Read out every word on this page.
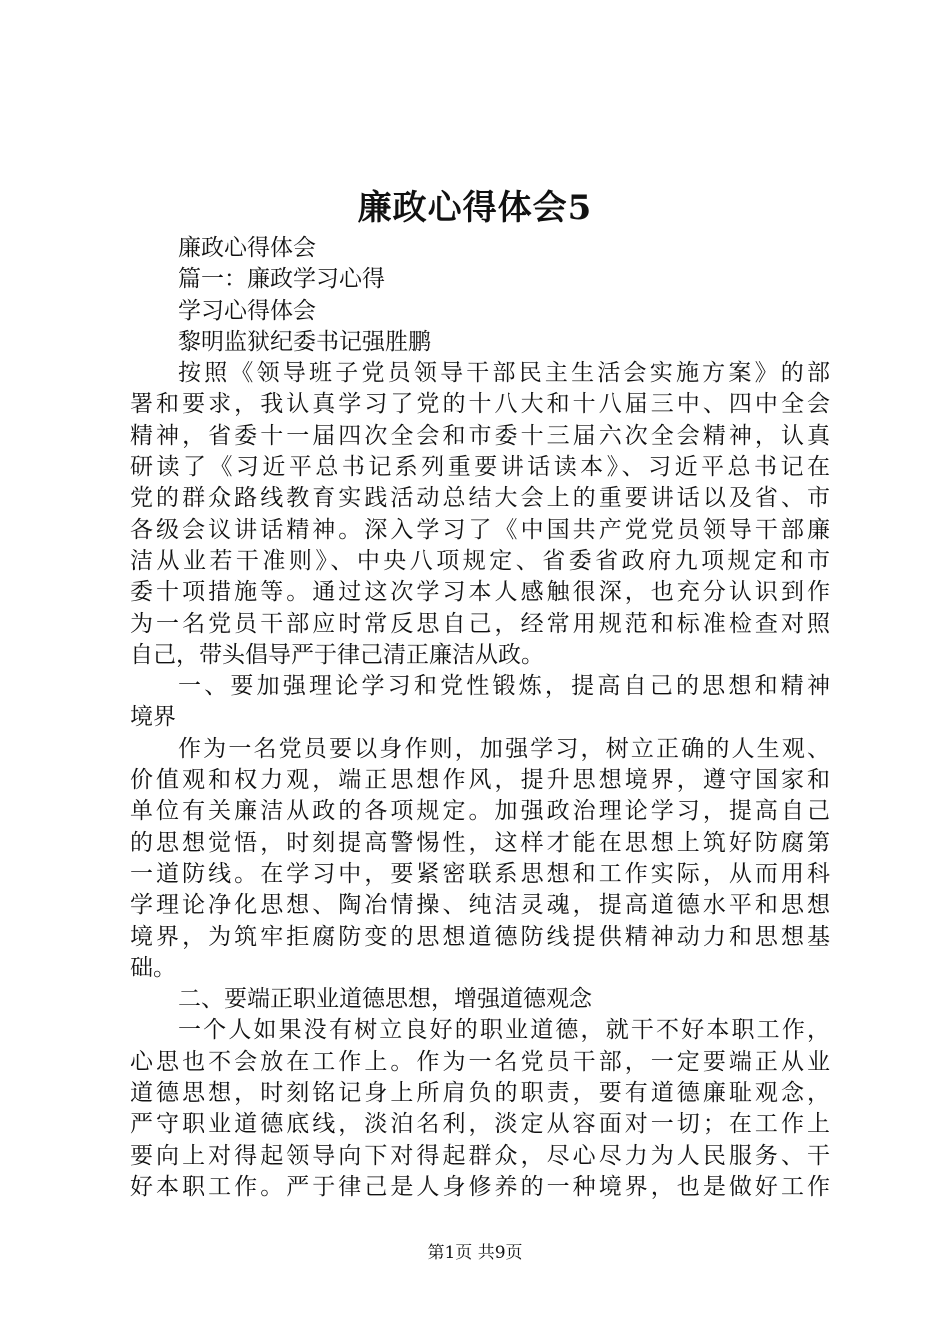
廉政心得体会5
廉政心得体会
篇一：廉政学习心得
学习心得体会
黎明监狱纪委书记强胜鹏
按照《领导班子党员领导干部民主生活会实施方案》的部
署和要求，我认真学习了党的十八大和十八届三中、四中全会
精神，省委十一届四次全会和市委十三届六次全会精神，认真
研读了《习近平总书记系列重要讲话读本》、习近平总书记在
党的群众路线教育实践活动总结大会上的重要讲话以及省、市
各级会议讲话精神。深入学习了《中国共产党党员领导干部廉
洁从业若干准则》、中央八项规定、省委省政府九项规定和市
委十项措施等。通过这次学习本人感触很深，也充分认识到作
为一名党员干部应时常反思自己，经常用规范和标准检查对照
自己，带头倡导严于律己清正廉洁从政。
一、要加强理论学习和党性锻炼，提高自己的思想和精神
境界
作为一名党员要以身作则，加强学习，树立正确的人生观、
价值观和权力观，端正思想作风，提升思想境界，遵守国家和
单位有关廉洁从政的各项规定。加强政治理论学习，提高自己
的思想觉悟，时刻提高警惕性，这样才能在思想上筑好防腐第
一道防线。在学习中，要紧密联系思想和工作实际，从而用科
学理论净化思想、陶冶情操、纯洁灵魂，提高道德水平和思想
境界，为筑牢拒腐防变的思想道德防线提供精神动力和思想基
础。
二、要端正职业道德思想，增强道德观念
一个人如果没有树立良好的职业道德，就干不好本职工作，
心思也不会放在工作上。作为一名党员干部，一定要端正从业
道德思想，时刻铭记身上所肩负的职责，要有道德廉耻观念，
严守职业道德底线，淡泊名利，淡定从容面对一切；在工作上
要向上对得起领导向下对得起群众，尽心尽力为人民服务、干
好本职工作。严于律己是人身修养的一种境界，也是做好工作
第1页 共9页
